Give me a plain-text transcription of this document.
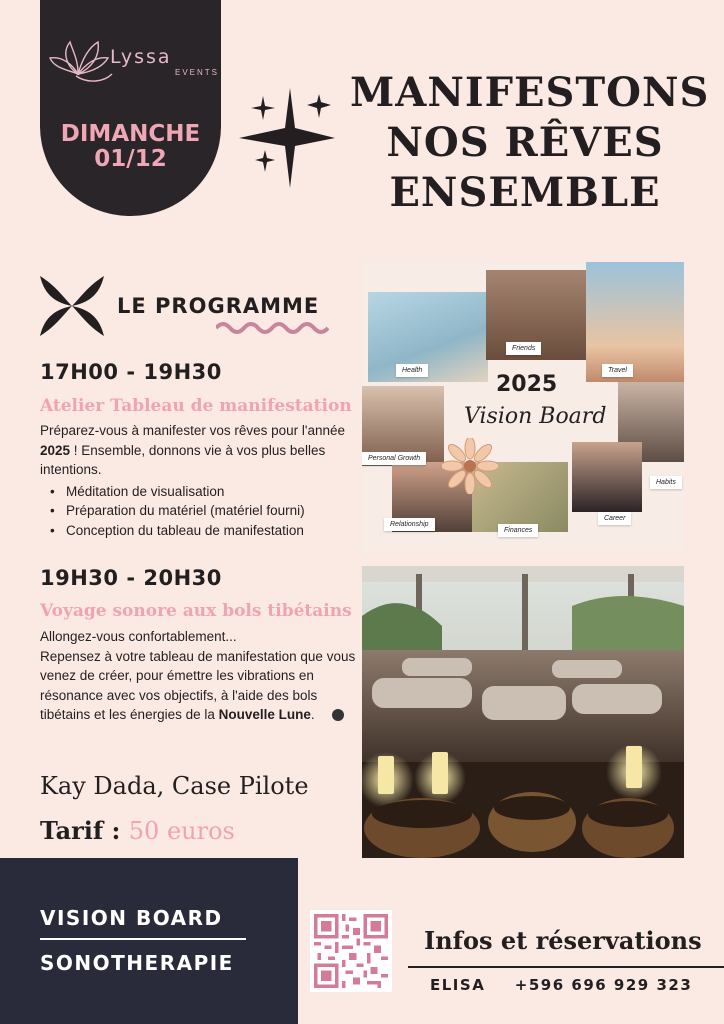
Lyssa
EVENTS
DIMANCHE
01/12
MANIFESTONS
NOS RÊVES
ENSEMBLE
LE PROGRAMME
17H00 - 19H30
Atelier Tableau de manifestation
Préparez-vous à manifester vos rêves pour l'année 2025 ! Ensemble, donnons vie à vos plus belles intentions.
• Méditation de visualisation
• Préparation du matériel (matériel fourni)
• Conception du tableau de manifestation
19H30 - 20H30
Voyage sonore aux bols tibétains
Allongez-vous confortablement...
Repensez à votre tableau de manifestation que vous venez de créer, pour émettre les vibrations en résonance avec vos objectifs, à l'aide des bols tibétains et les énergies de la Nouvelle Lune.
Kay Dada, Case Pilote
Tarif : 50 euros
2025
Vision Board
Health
Friends
Travel
Personal Growth
Habits
Relationship
Finances
Career
VISION BOARD
SONOTHERAPIE
Infos et réservations
ELISA +596 696 929 323
